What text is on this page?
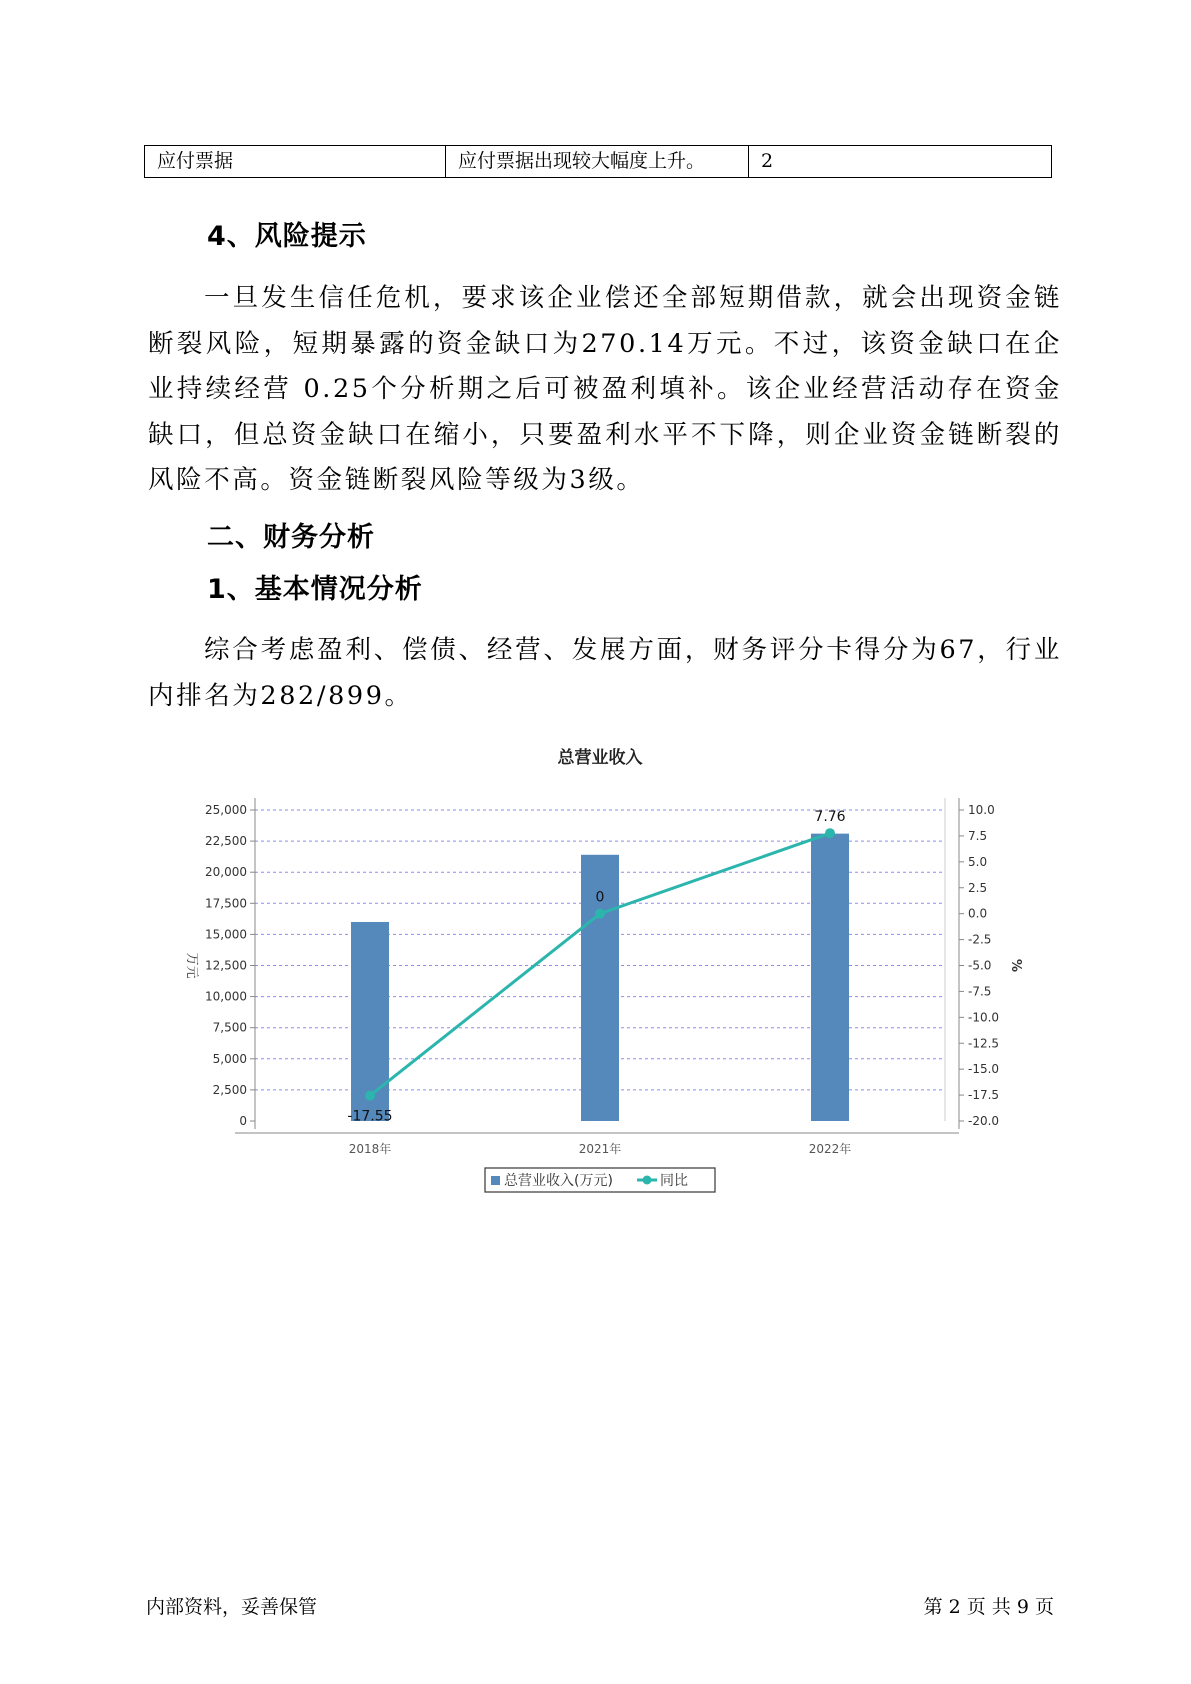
应付票据	应付票据出现较大幅度上升。	2
4、风险提示

一旦发生信任危机，要求该企业偿还全部短期借款，就会出现资金链断裂风险，短期暴露的资金缺口为270.14万元。不过，该资金缺口在企业持续经营 0.25个分析期之后可被盈利填补。该企业经营活动存在资金缺口，但总资金缺口在缩小，只要盈利水平不下降，则企业资金链断裂的风险不高。资金链断裂风险等级为3级。

二、财务分析
1、基本情况分析

综合考虑盈利、偿债、经营、发展方面，财务评分卡得分为67，行业内排名为282/899。

总营业收入
0
2,500
5,000
7,500
10,000
12,500
15,000
17,500
20,000
22,500
25,000
-20.0
-17.5
-15.0
-12.5
-10.0
-7.5
-5.0
-2.5
0.0
2.5
5.0
7.5
10.0
万元	%
2018年	2021年	2022年
-17.55
0
7.76
总营业收入(万元)	同比
内部资料，妥善保管	第 2 页 共 9 页
